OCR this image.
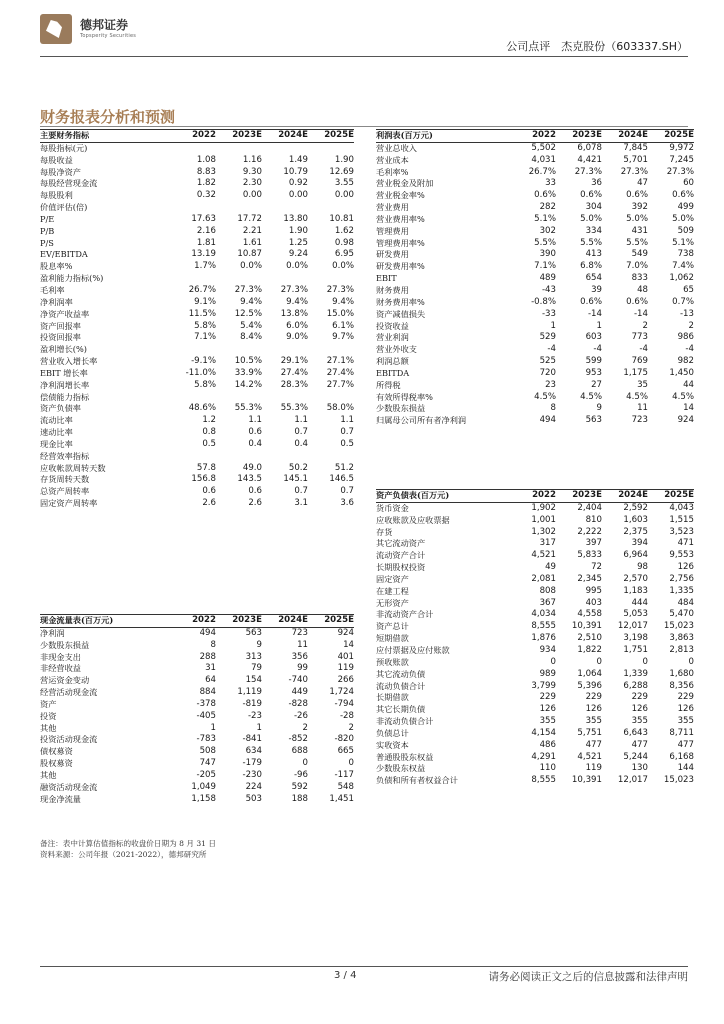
德邦证券
Topsperity Securities
公司点评　杰克股份（603337.SH）
财务报表分析和预测
主要财务指标	2022	2023E	2024E	2025E
每股指标(元)				
每股收益	1.08	1.16	1.49	1.90
每股净资产	8.83	9.30	10.79	12.69
每股经营现金流	1.82	2.30	0.92	3.55
每股股利	0.32	0.00	0.00	0.00
价值评估(倍)				
P/E	17.63	17.72	13.80	10.81
P/B	2.16	2.21	1.90	1.62
P/S	1.81	1.61	1.25	0.98
EV/EBITDA	13.19	10.87	9.24	6.95
股息率%	1.7%	0.0%	0.0%	0.0%
盈利能力指标(%)				
毛利率	26.7%	27.3%	27.3%	27.3%
净利润率	9.1%	9.4%	9.4%	9.4%
净资产收益率	11.5%	12.5%	13.8%	15.0%
资产回报率	5.8%	5.4%	6.0%	6.1%
投资回报率	7.1%	8.4%	9.0%	9.7%
盈利增长(%)				
营业收入增长率	-9.1%	10.5%	29.1%	27.1%
EBIT 增长率	-11.0%	33.9%	27.4%	27.4%
净利润增长率	5.8%	14.2%	28.3%	27.7%
偿债能力指标				
资产负债率	48.6%	55.3%	55.3%	58.0%
流动比率	1.2	1.1	1.1	1.1
速动比率	0.8	0.6	0.7	0.7
现金比率	0.5	0.4	0.4	0.5
经营效率指标				
应收帐款周转天数	57.8	49.0	50.2	51.2
存货周转天数	156.8	143.5	145.1	146.5
总资产周转率	0.6	0.6	0.7	0.7
固定资产周转率	2.6	2.6	3.1	3.6
利润表(百万元)	2022	2023E	2024E	2025E
营业总收入	5,502	6,078	7,845	9,972
营业成本	4,031	4,421	5,701	7,245
毛利率%	26.7%	27.3%	27.3%	27.3%
营业税金及附加	33	36	47	60
营业税金率%	0.6%	0.6%	0.6%	0.6%
营业费用	282	304	392	499
营业费用率%	5.1%	5.0%	5.0%	5.0%
管理费用	302	334	431	509
管理费用率%	5.5%	5.5%	5.5%	5.1%
研发费用	390	413	549	738
研发费用率%	7.1%	6.8%	7.0%	7.4%
EBIT	489	654	833	1,062
财务费用	-43	39	48	65
财务费用率%	-0.8%	0.6%	0.6%	0.7%
资产减值损失	-33	-14	-14	-13
投资收益	1	1	2	2
营业利润	529	603	773	986
营业外收支	-4	-4	-4	-4
利润总额	525	599	769	982
EBITDA	720	953	1,175	1,450
所得税	23	27	35	44
有效所得税率%	4.5%	4.5%	4.5%	4.5%
少数股东损益	8	9	11	14
归属母公司所有者净利润	494	563	723	924
资产负债表(百万元)	2022	2023E	2024E	2025E
货币资金	1,902	2,404	2,592	4,043
应收账款及应收票据	1,001	810	1,603	1,515
存货	1,302	2,222	2,375	3,523
其它流动资产	317	397	394	471
流动资产合计	4,521	5,833	6,964	9,553
长期股权投资	49	72	98	126
固定资产	2,081	2,345	2,570	2,756
在建工程	808	995	1,183	1,335
无形资产	367	403	444	484
非流动资产合计	4,034	4,558	5,053	5,470
资产总计	8,555	10,391	12,017	15,023
短期借款	1,876	2,510	3,198	3,863
应付票据及应付账款	934	1,822	1,751	2,813
预收账款	0	0	0	0
其它流动负债	989	1,064	1,339	1,680
流动负债合计	3,799	5,396	6,288	8,356
长期借款	229	229	229	229
其它长期负债	126	126	126	126
非流动负债合计	355	355	355	355
负债总计	4,154	5,751	6,643	8,711
实收资本	486	477	477	477
普通股股东权益	4,291	4,521	5,244	6,168
少数股东权益	110	119	130	144
负债和所有者权益合计	8,555	10,391	12,017	15,023
现金流量表(百万元)	2022	2023E	2024E	2025E
净利润	494	563	723	924
少数股东损益	8	9	11	14
非现金支出	288	313	356	401
非经营收益	31	79	99	119
营运资金变动	64	154	-740	266
经营活动现金流	884	1,119	449	1,724
资产	-378	-819	-828	-794
投资	-405	-23	-26	-28
其他	1	1	2	2
投资活动现金流	-783	-841	-852	-820
债权募资	508	634	688	665
股权募资	747	-179	0	0
其他	-205	-230	-96	-117
融资活动现金流	1,049	224	592	548
现金净流量	1,158	503	188	1,451
备注：表中计算估值指标的收盘价日期为 8 月 31 日
资料来源：公司年报（2021-2022），德邦研究所
3 / 4	请务必阅读正文之后的信息披露和法律声明
